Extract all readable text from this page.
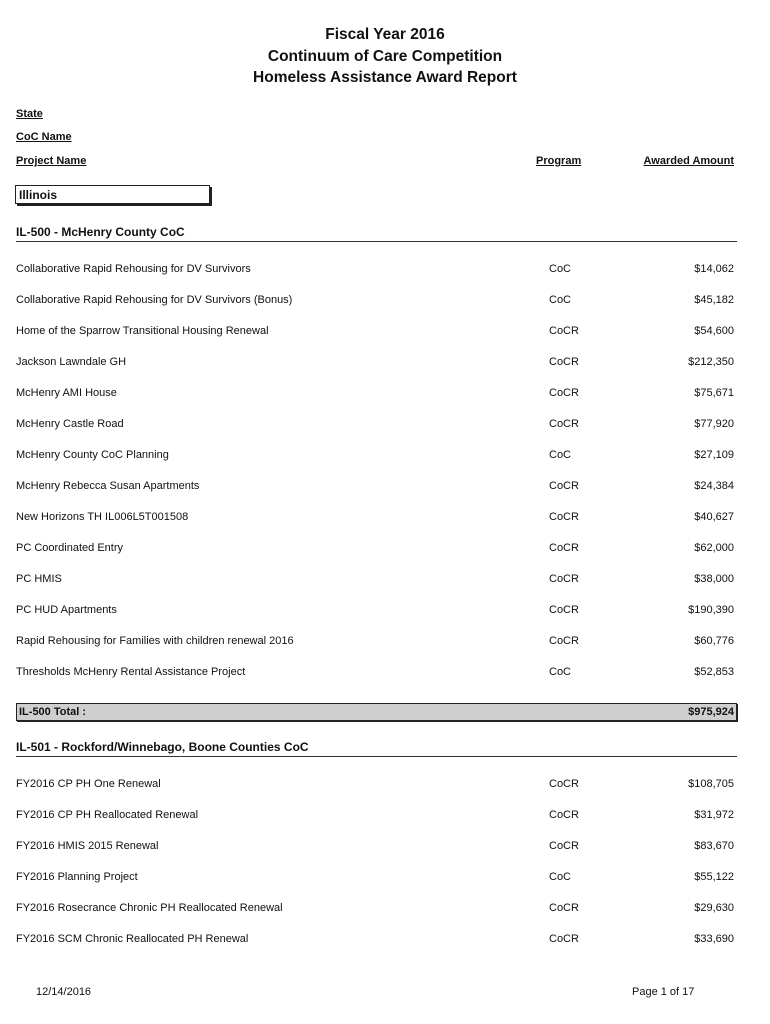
Fiscal Year 2016
Continuum of Care Competition
Homeless Assistance Award Report
State
CoC Name
Project Name	Program	Awarded Amount
Illinois
IL-500 - McHenry County CoC
Collaborative Rapid Rehousing for DV Survivors	CoC	$14,062
Collaborative Rapid Rehousing for DV Survivors (Bonus)	CoC	$45,182
Home of the Sparrow Transitional Housing Renewal	CoCR	$54,600
Jackson Lawndale GH	CoCR	$212,350
McHenry AMI House	CoCR	$75,671
McHenry Castle Road	CoCR	$77,920
McHenry County CoC Planning	CoC	$27,109
McHenry Rebecca Susan Apartments	CoCR	$24,384
New Horizons TH IL006L5T001508	CoCR	$40,627
PC Coordinated Entry	CoCR	$62,000
PC HMIS	CoCR	$38,000
PC HUD Apartments	CoCR	$190,390
Rapid Rehousing for Families with children renewal 2016	CoCR	$60,776
Thresholds McHenry Rental Assistance Project	CoC	$52,853
IL-500 Total :	$975,924
IL-501 - Rockford/Winnebago, Boone Counties CoC
FY2016 CP PH One Renewal	CoCR	$108,705
FY2016 CP PH Reallocated Renewal	CoCR	$31,972
FY2016 HMIS 2015 Renewal	CoCR	$83,670
FY2016 Planning Project	CoC	$55,122
FY2016 Rosecrance Chronic PH Reallocated Renewal	CoCR	$29,630
FY2016 SCM Chronic Reallocated PH Renewal	CoCR	$33,690
12/14/2016	Page 1 of 17
